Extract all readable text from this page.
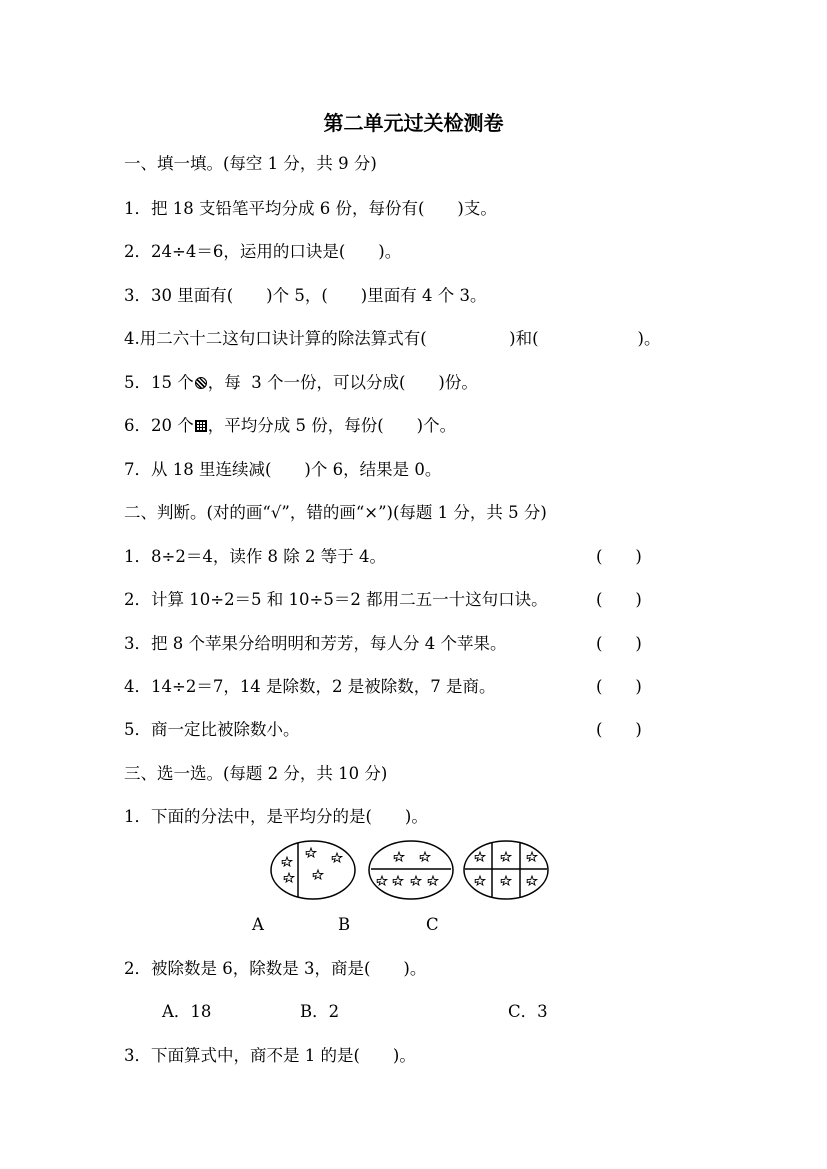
第二单元过关检测卷
一、填一填。(每空 1 分，共 9 分)
1．把 18 支铅笔平均分成 6 份，每份有(　　)支。
2．24÷4＝6，运用的口诀是(　　)。
3．30 里面有(　　)个 5，(　　)里面有 4 个 3。
4.用二六十二这句口诀计算的除法算式有(　　　　　)和(　　　　　　)。
5．15 个 ，每  3 个一份，可以分成(　　)份。
6．20 个 ，平均分成 5 份，每份(　　)个。
7．从 18 里连续减(　　)个 6，结果是 0。
二、判断。(对的画“√”，错的画“×”)(每题 1 分，共 5 分)
1．8÷2＝4，读作 8 除 2 等于 4。	(　　)
2．计算 10÷2＝5 和 10÷5＝2 都用二五一十这句口诀。	(　　)
3．把 8 个苹果分给明明和芳芳，每人分 4 个苹果。	(　　)
4．14÷2＝7，14 是除数，2 是被除数，7 是商。	(　　)
5．商一定比被除数小。	(　　)
三、选一选。(每题 2 分，共 10 分)
1．下面的分法中，是平均分的是(　　)。
A	B	C
2．被除数是 6，除数是 3，商是(　　)。
A．18	B．2	C．3
3．下面算式中，商不是 1 的是(　　)。
